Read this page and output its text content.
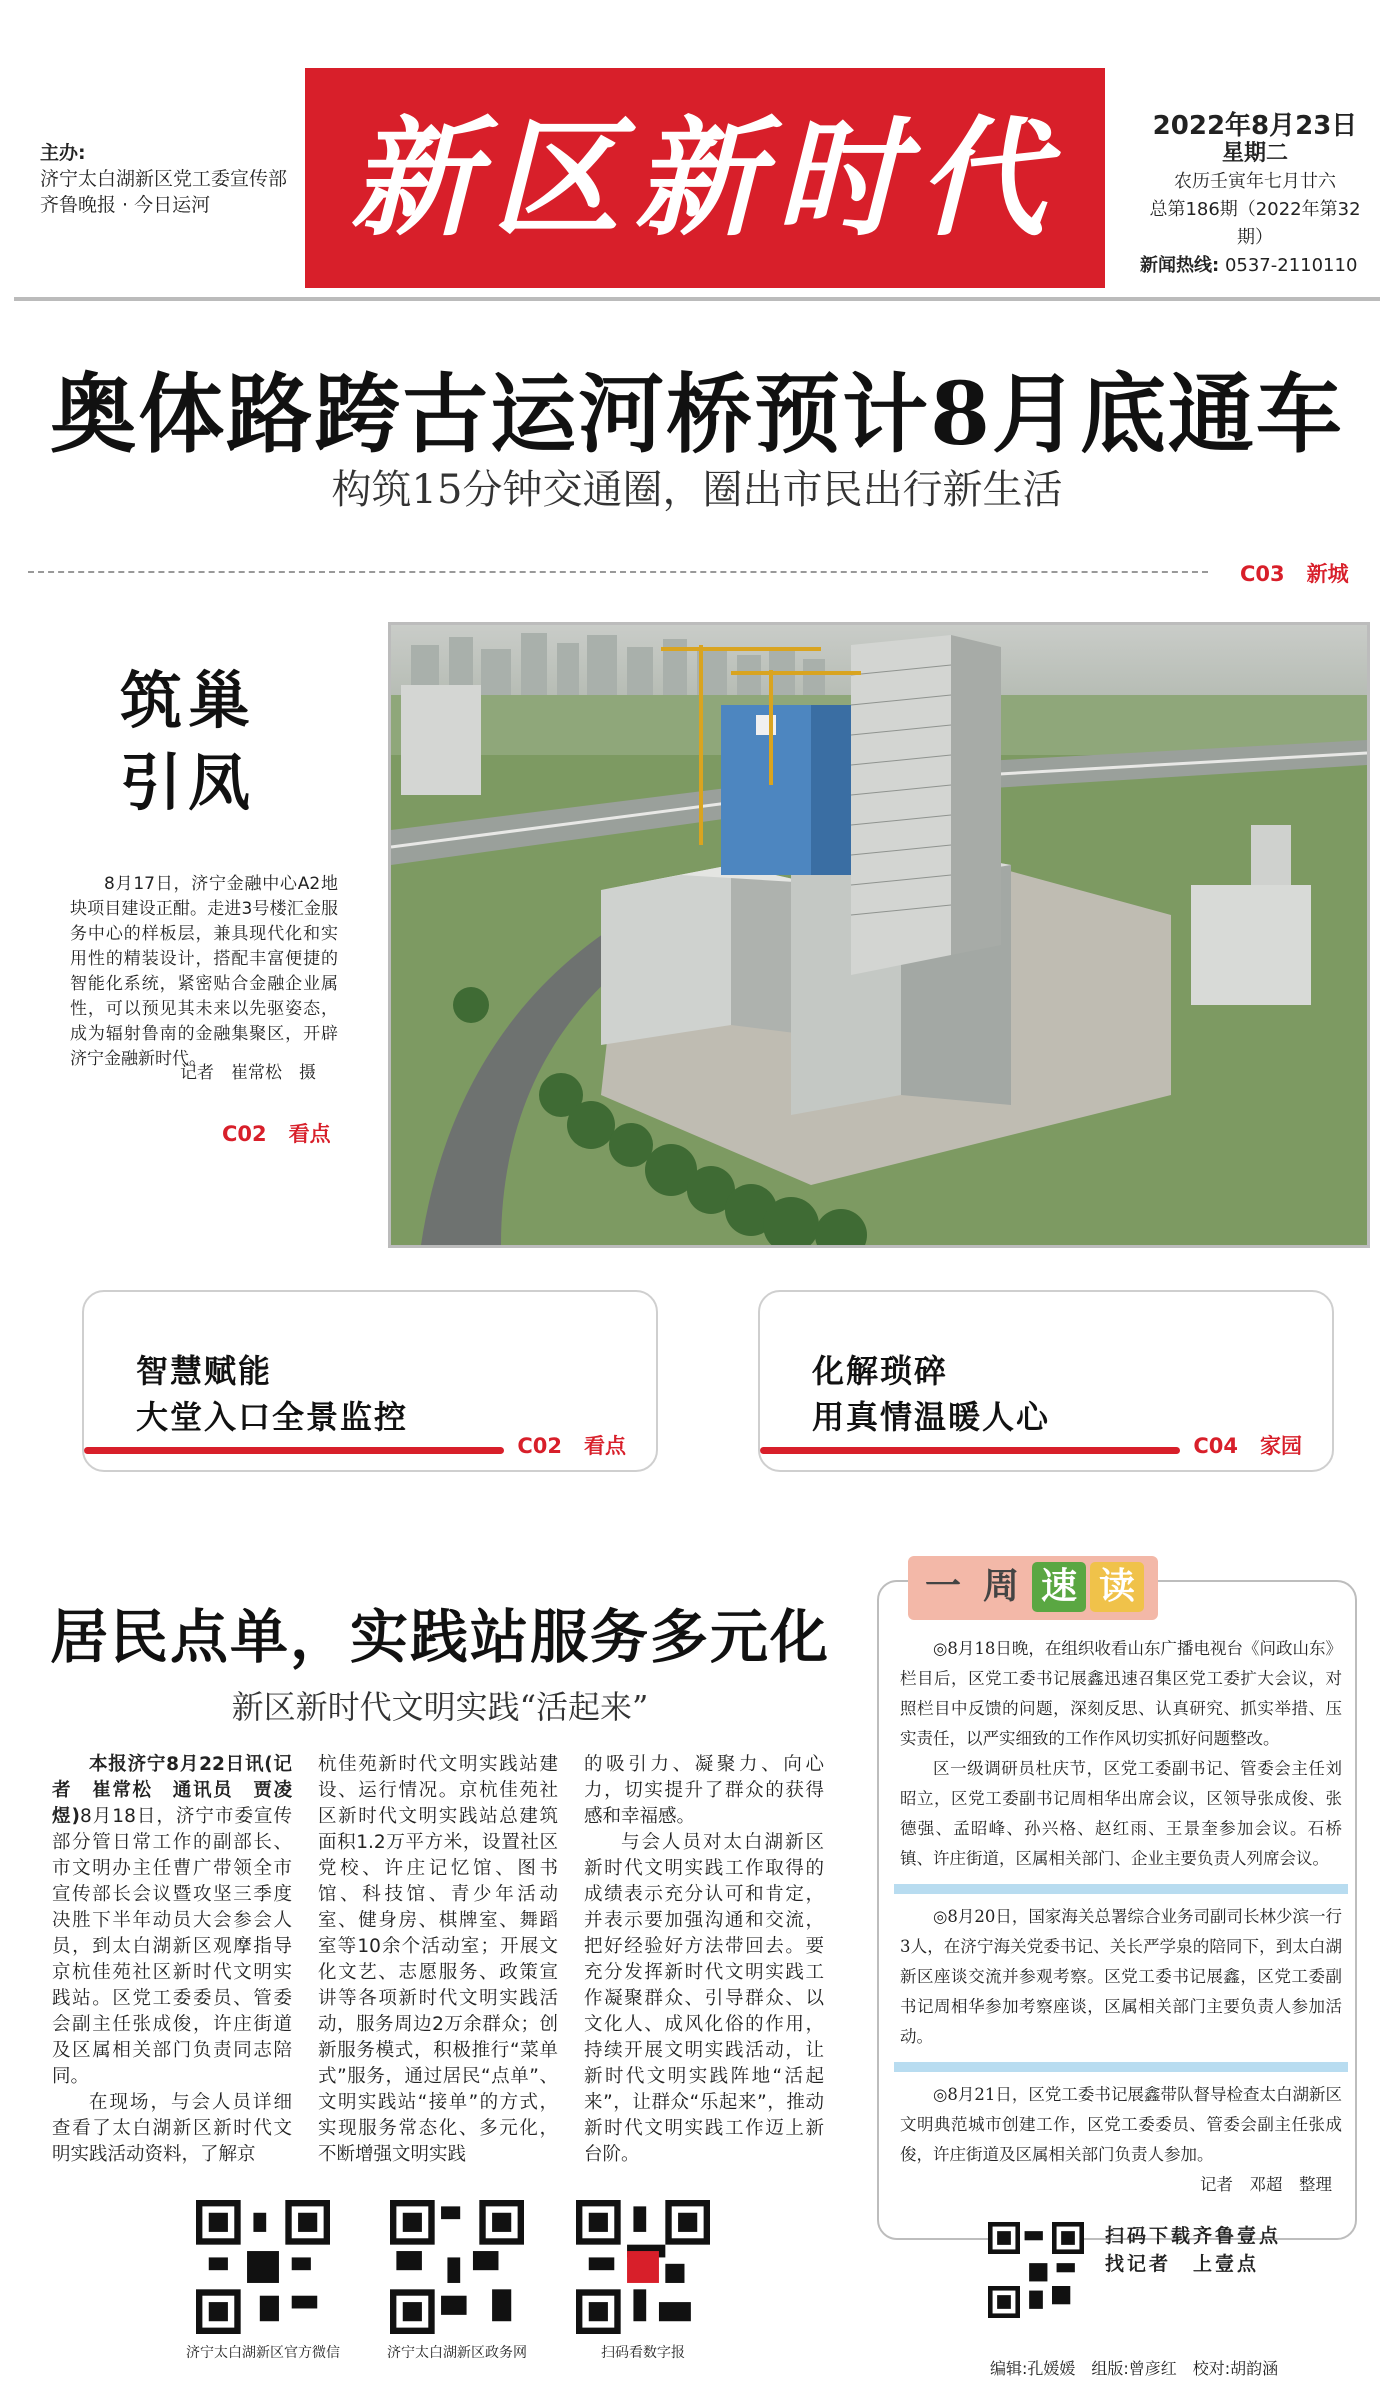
主办:
济宁太白湖新区党工委宣传部
齐鲁晚报 · 今日运河	新区新时代	2022年8月23日
星期二
农历壬寅年七月廿六
总第186期（2022年第32期）
新闻热线: 0537-2110110
奥体路跨古运河桥预计8月底通车
构筑15分钟交通圈，圈出市民出行新生活
C03 新城
筑巢
引凤
8月17日，济宁金融中心A2地块项目建设正酣。走进3号楼汇金服务中心的样板层，兼具现代化和实用性的精装设计，搭配丰富便捷的智能化系统，紧密贴合金融企业属性，可以预见其未来以先驱姿态，成为辐射鲁南的金融集聚区，开辟济宁金融新时代。
记者　崔常松　摄
C02 看点
智慧赋能
大堂入口全景监控
C02 看点
化解琐碎
用真情温暖人心
C04 家园
居民点单，实践站服务多元化
新区新时代文明实践“活起来”

本报济宁8月22日讯(记者　崔常松　通讯员　贾凌煜)8月18日，济宁市委宣传部分管日常工作的副部长、市文明办主任曹广带领全市宣传部长会议暨攻坚三季度决胜下半年动员大会参会人员，到太白湖新区观摩指导京杭佳苑社区新时代文明实践站。区党工委委员、管委会副主任张成俊，许庄街道及区属相关部门负责同志陪同。

在现场，与会人员详细查看了太白湖新区新时代文明实践活动资料，了解京

杭佳苑新时代文明实践站建设、运行情况。京杭佳苑社区新时代文明实践站总建筑面积1.2万平方米，设置社区党校、许庄记忆馆、图书馆、科技馆、青少年活动室、健身房、棋牌室、舞蹈室等10余个活动室；开展文化文艺、志愿服务、政策宣讲等各项新时代文明实践活动，服务周边2万余群众；创新服务模式，积极推行“菜单式”服务，通过居民“点单”、文明实践站“接单”的方式，实现服务常态化、多元化，不断增强文明实践

的吸引力、凝聚力、向心力，切实提升了群众的获得感和幸福感。

与会人员对太白湖新区新时代文明实践工作取得的成绩表示充分认可和肯定，并表示要加强沟通和交流，把好经验好方法带回去。要充分发挥新时代文明实践工作凝聚群众、引导群众、以文化人、成风化俗的作用，持续开展文明实践活动，让新时代文明实践阵地“活起来”，让群众“乐起来”，推动新时代文明实践工作迈上新台阶。

一 周 速 读

◎8月18日晚，在组织收看山东广播电视台《问政山东》栏目后，区党工委书记展鑫迅速召集区党工委扩大会议，对照栏目中反馈的问题，深刻反思、认真研究、抓实举措、压实责任，以严实细致的工作作风切实抓好问题整改。

区一级调研员杜庆节，区党工委副书记、管委会主任刘昭立，区党工委副书记周相华出席会议，区领导张成俊、张德强、孟昭峰、孙兴格、赵红雨、王景奎参加会议。石桥镇、许庄街道，区属相关部门、企业主要负责人列席会议。

◎8月20日，国家海关总署综合业务司副司长林少滨一行3人，在济宁海关党委书记、关长严学泉的陪同下，到太白湖新区座谈交流并参观考察。区党工委书记展鑫，区党工委副书记周相华参加考察座谈，区属相关部门主要负责人参加活动。

◎8月21日，区党工委书记展鑫带队督导检查太白湖新区文明典范城市创建工作，区党工委委员、管委会副主任张成俊，许庄街道及区属相关部门负责人参加。

记者　邓超　整理
济宁太白湖新区官方微信	济宁太白湖新区政务网	扫码看数字报
扫码下载齐鲁壹点
找记者　上壹点
编辑:孔媛媛　组版:曾彦红　校对:胡韵涵
